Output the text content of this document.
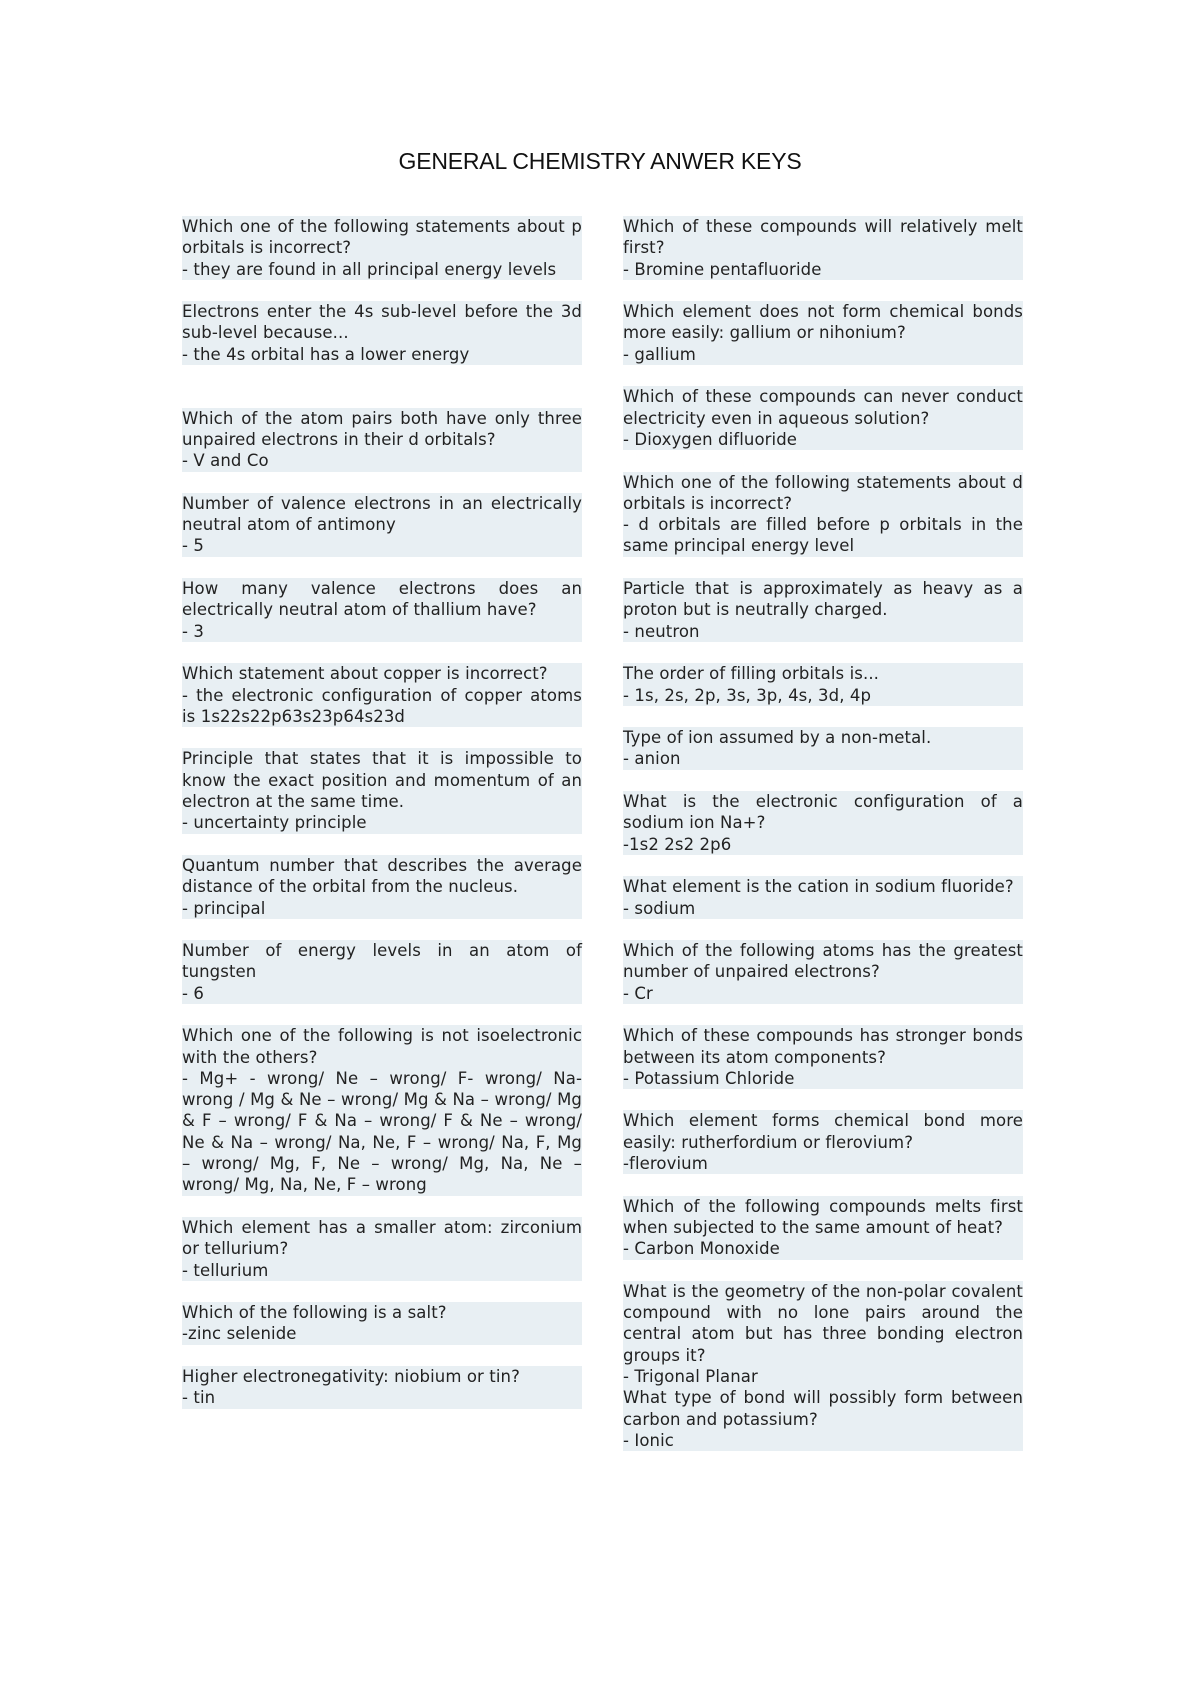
GENERAL CHEMISTRY ANWER KEYS

Which one of the following statements about p orbitals is incorrect?

- they are found in all principal energy levels

Electrons enter the 4s sub-level before the 3d sub-level because...

- the 4s orbital has a lower energy

Which of the atom pairs both have only three unpaired electrons in their d orbitals?

- V and Co

Number of valence electrons in an electrically neutral atom of antimony

- 5

How many valence electrons does an electrically neutral atom of thallium have?

- 3

Which statement about copper is incorrect?

- the electronic configuration of copper atoms is 1s22s22p63s23p64s23d

Principle that states that it is impossible to know the exact position and momentum of an electron at the same time.

- uncertainty principle

Quantum number that describes the average distance of the orbital from the nucleus.

- principal

Number of energy levels in an atom of tungsten

- 6

Which one of the following is not isoelectronic with the others?

- Mg+ - wrong/ Ne – wrong/ F- wrong/ Na- wrong / Mg & Ne – wrong/ Mg & Na – wrong/ Mg & F – wrong/ F & Na – wrong/ F & Ne – wrong/ Ne & Na – wrong/ Na, Ne, F – wrong/ Na, F, Mg – wrong/ Mg, F, Ne – wrong/ Mg, Na, Ne – wrong/ Mg, Na, Ne, F – wrong

Which element has a smaller atom: zirconium or tellurium?

- tellurium

Which of the following is a salt?

-zinc selenide

Higher electronegativity: niobium or tin?

- tin

Which of these compounds will relatively melt first?

- Bromine pentafluoride

Which element does not form chemical bonds more easily: gallium or nihonium?

- gallium

Which of these compounds can never conduct electricity even in aqueous solution?

- Dioxygen difluoride

Which one of the following statements about d orbitals is incorrect?

- d orbitals are filled before p orbitals in the same principal energy level

Particle that is approximately as heavy as a proton but is neutrally charged.

- neutron

The order of filling orbitals is...

- 1s, 2s, 2p, 3s, 3p, 4s, 3d, 4p

Type of ion assumed by a non-metal.

- anion

What is the electronic configuration of a sodium ion Na+?

-1s2 2s2 2p6

What element is the cation in sodium fluoride?

- sodium

Which of the following atoms has the greatest number of unpaired electrons?

- Cr

Which of these compounds has stronger bonds between its atom components?

- Potassium Chloride

Which element forms chemical bond more easily: rutherfordium or flerovium?

-flerovium

Which of the following compounds melts first when subjected to the same amount of heat?

- Carbon Monoxide

What is the geometry of the non-polar covalent compound with no lone pairs around the central atom but has three bonding electron groups it?

- Trigonal Planar

What type of bond will possibly form between carbon and potassium?

- Ionic
